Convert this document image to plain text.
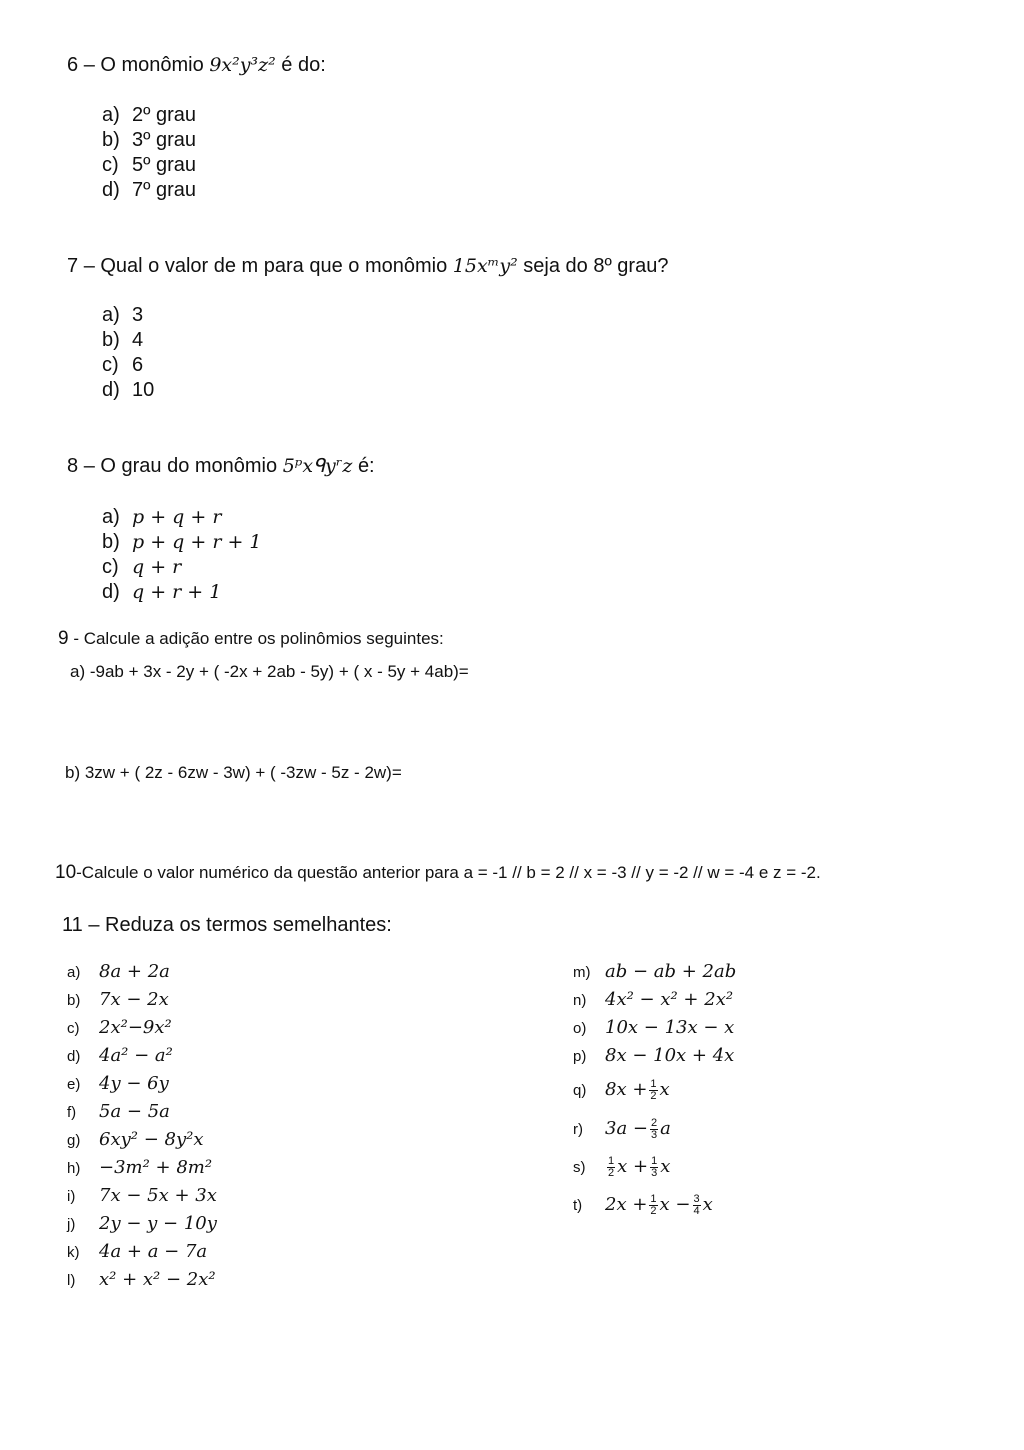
6 – O monômio 9x²y³z² é do:
a) 2º grau
b) 3º grau
c) 5º grau
d) 7º grau
7 – Qual o valor de m para que o monômio 15xᵐy² seja do 8º grau?
a) 3
b) 4
c) 6
d) 10
8 – O grau do monômio 5ᵖxᑫyʳz é:
a) p + q + r
b) p + q + r + 1
c) q + r
d) q + r + 1
9 - Calcule a adição entre os polinômios seguintes:
a) -9ab + 3x - 2y + ( -2x + 2ab - 5y) + ( x - 5y + 4ab)=
b) 3zw + ( 2z - 6zw - 3w) + ( -3zw - 5z - 2w)=
10-Calcule o valor numérico da questão anterior para a = -1 // b = 2 // x = -3 // y = -2 // w = -4 e z = -2.
11 – Reduza os termos semelhantes:
a) 8a + 2a
b) 7x − 2x
c) 2x²−9x²
d) 4a² − a²
e) 4y − 6y
f) 5a − 5a
g) 6xy² − 8y²x
h) −3m² + 8m²
i) 7x − 5x + 3x
j) 2y − y − 10y
k) 4a + a − 7a
l) x² + x² − 2x²
m) ab − ab + 2ab
n) 4x² − x² + 2x²
o) 10x − 13x − x
p) 8x − 10x + 4x
q) $8x + \frac{1}{2}$ x
r) $3a - \frac{2}{3}$ a
$s) \frac{1}{2}$ $x + \frac{1}{3}$ x
t) $2x + \frac{1}{2}$ $x - \frac{3}{4}$ x
